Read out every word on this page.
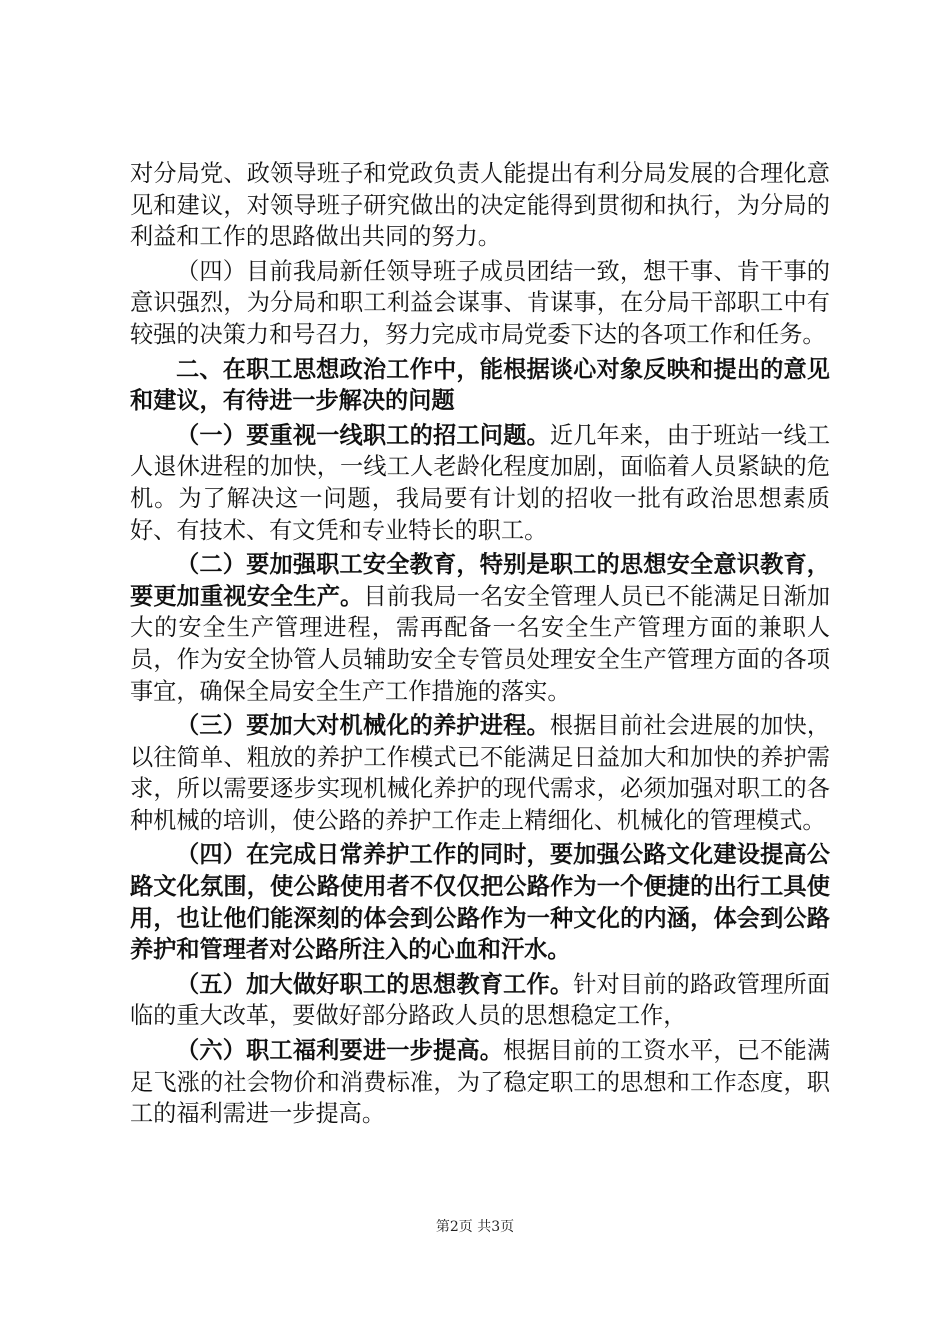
对分局党、政领导班子和党政负责人能提出有利分局发展的合理化意见和建议，对领导班子研究做出的决定能得到贯彻和执行，为分局的利益和工作的思路做出共同的努力。

（四）目前我局新任领导班子成员团结一致，想干事、肯干事的意识强烈，为分局和职工利益会谋事、肯谋事，在分局干部职工中有较强的决策力和号召力，努力完成市局党委下达的各项工作和任务。

二、在职工思想政治工作中，能根据谈心对象反映和提出的意见和建议，有待进一步解决的问题

（一）要重视一线职工的招工问题。近几年来，由于班站一线工人退休进程的加快，一线工人老龄化程度加剧，面临着人员紧缺的危机。为了解决这一问题，我局要有计划的招收一批有政治思想素质好、有技术、有文凭和专业特长的职工。

（二）要加强职工安全教育，特别是职工的思想安全意识教育，要更加重视安全生产。目前我局一名安全管理人员已不能满足日渐加大的安全生产管理进程，需再配备一名安全生产管理方面的兼职人员，作为安全协管人员辅助安全专管员处理安全生产管理方面的各项事宜，确保全局安全生产工作措施的落实。

（三）要加大对机械化的养护进程。根据目前社会进展的加快，以往简单、粗放的养护工作模式已不能满足日益加大和加快的养护需求，所以需要逐步实现机械化养护的现代需求，必须加强对职工的各种机械的培训，使公路的养护工作走上精细化、机械化的管理模式。

（四）在完成日常养护工作的同时，要加强公路文化建设提高公路文化氛围，使公路使用者不仅仅把公路作为一个便捷的出行工具使用，也让他们能深刻的体会到公路作为一种文化的内涵，体会到公路养护和管理者对公路所注入的心血和汗水。

（五）加大做好职工的思想教育工作。针对目前的路政管理所面临的重大改革，要做好部分路政人员的思想稳定工作，

（六）职工福利要进一步提高。根据目前的工资水平，已不能满足飞涨的社会物价和消费标准，为了稳定职工的思想和工作态度，职工的福利需进一步提高。

第2页 共3页
